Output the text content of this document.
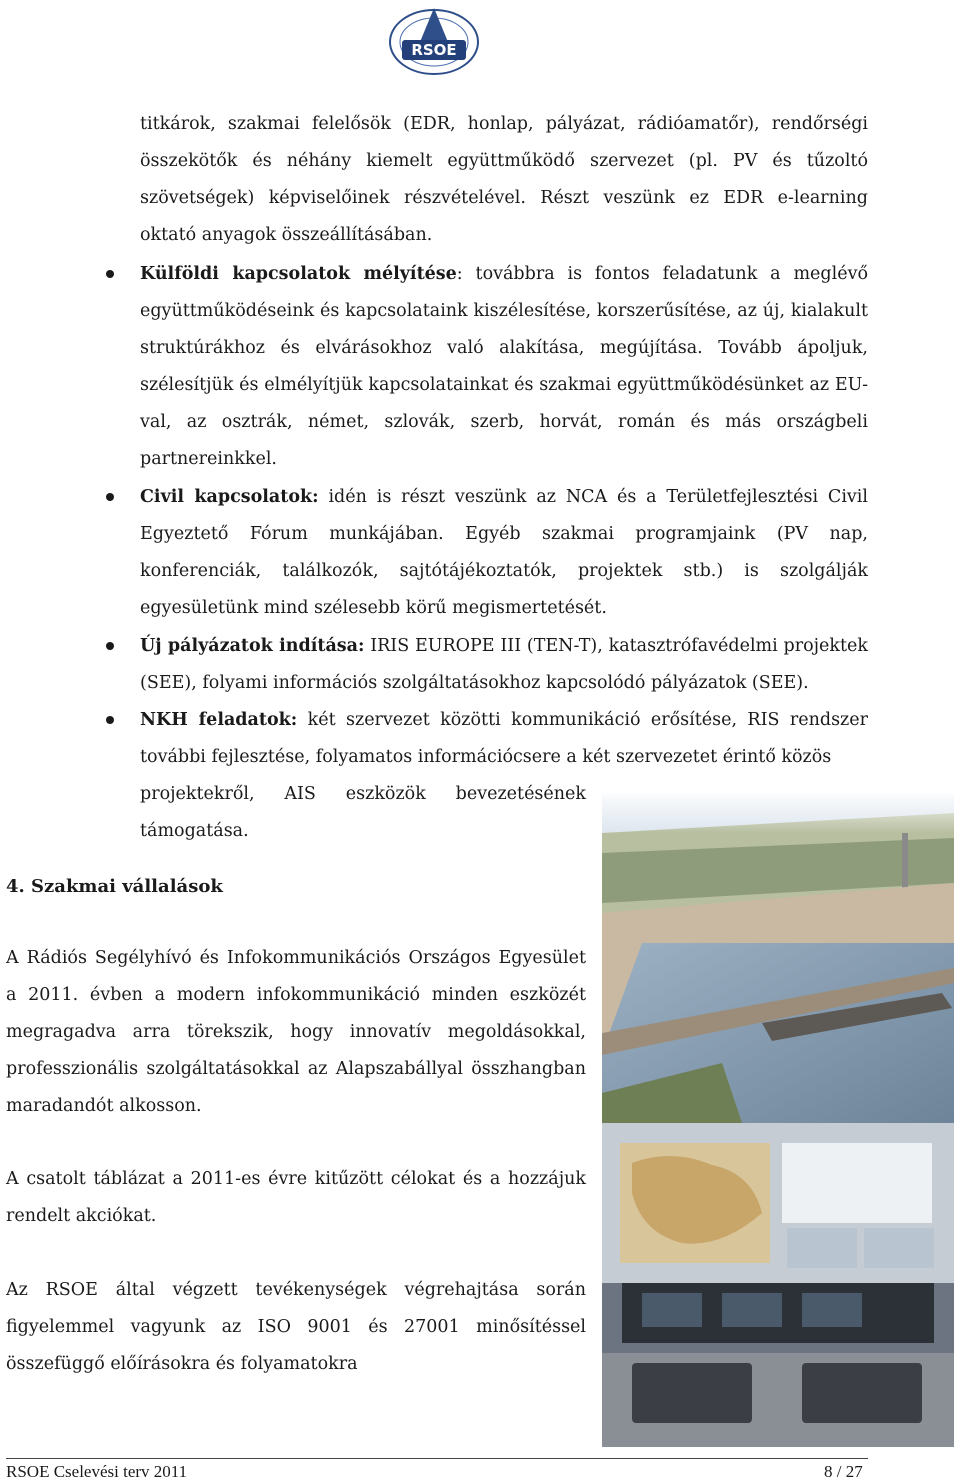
RSOE
titkárok, szakmai felelősök (EDR, honlap, pályázat, rádióamatőr), rendőrségi összekötők és néhány kiemelt együttműködő szervezet (pl. PV és tűzoltó szövetségek) képviselőinek részvételével. Részt veszünk ez EDR e-learning oktató anyagok összeállításában.
Külföldi kapcsolatok mélyítése: továbbra is fontos feladatunk a meglévő együttműködéseink és kapcsolataink kiszélesítése, korszerűsítése, az új, kialakult struktúrákhoz és elvárásokhoz való alakítása, megújítása. Tovább ápoljuk, szélesítjük és elmélyítjük kapcsolatainkat és szakmai együttműködésünket az EU-val, az osztrák, német, szlovák, szerb, horvát, román és más országbeli partnereinkkel.
Civil kapcsolatok: idén is részt veszünk az NCA és a Területfejlesztési Civil Egyeztető Fórum munkájában. Egyéb szakmai programjaink (PV nap, konferenciák, találkozók, sajtótájékoztatók, projektek stb.) is szolgálják egyesületünk mind szélesebb körű megismertetését.
Új pályázatok indítása: IRIS EUROPE III (TEN-T), katasztrófavédelmi projektek (SEE), folyami információs szolgáltatásokhoz kapcsolódó pályázatok (SEE).
NKH feladatok: két szervezet közötti kommunikáció erősítése, RIS rendszer további fejlesztése, folyamatos információcsere a két szervezetet érintő közös
projektekről, AIS eszközök bevezetésének támogatása.
4. Szakmai vállalások
A Rádiós Segélyhívó és Infokommunikációs Országos Egyesület a 2011. évben a modern infokommunikáció minden eszközét megragadva arra törekszik, hogy innovatív megoldásokkal, professzionális szolgáltatásokkal az Alapszabállyal összhangban maradandót alkosson.
A csatolt táblázat a 2011-es évre kitűzött célokat és a hozzájuk rendelt akciókat.
Az RSOE által végzett tevékenységek végrehajtása során figyelemmel vagyunk az ISO 9001 és 27001 minősítéssel összefüggő előírásokra és folyamatokra
RSOE Cselevési terv 2011	8 / 27
